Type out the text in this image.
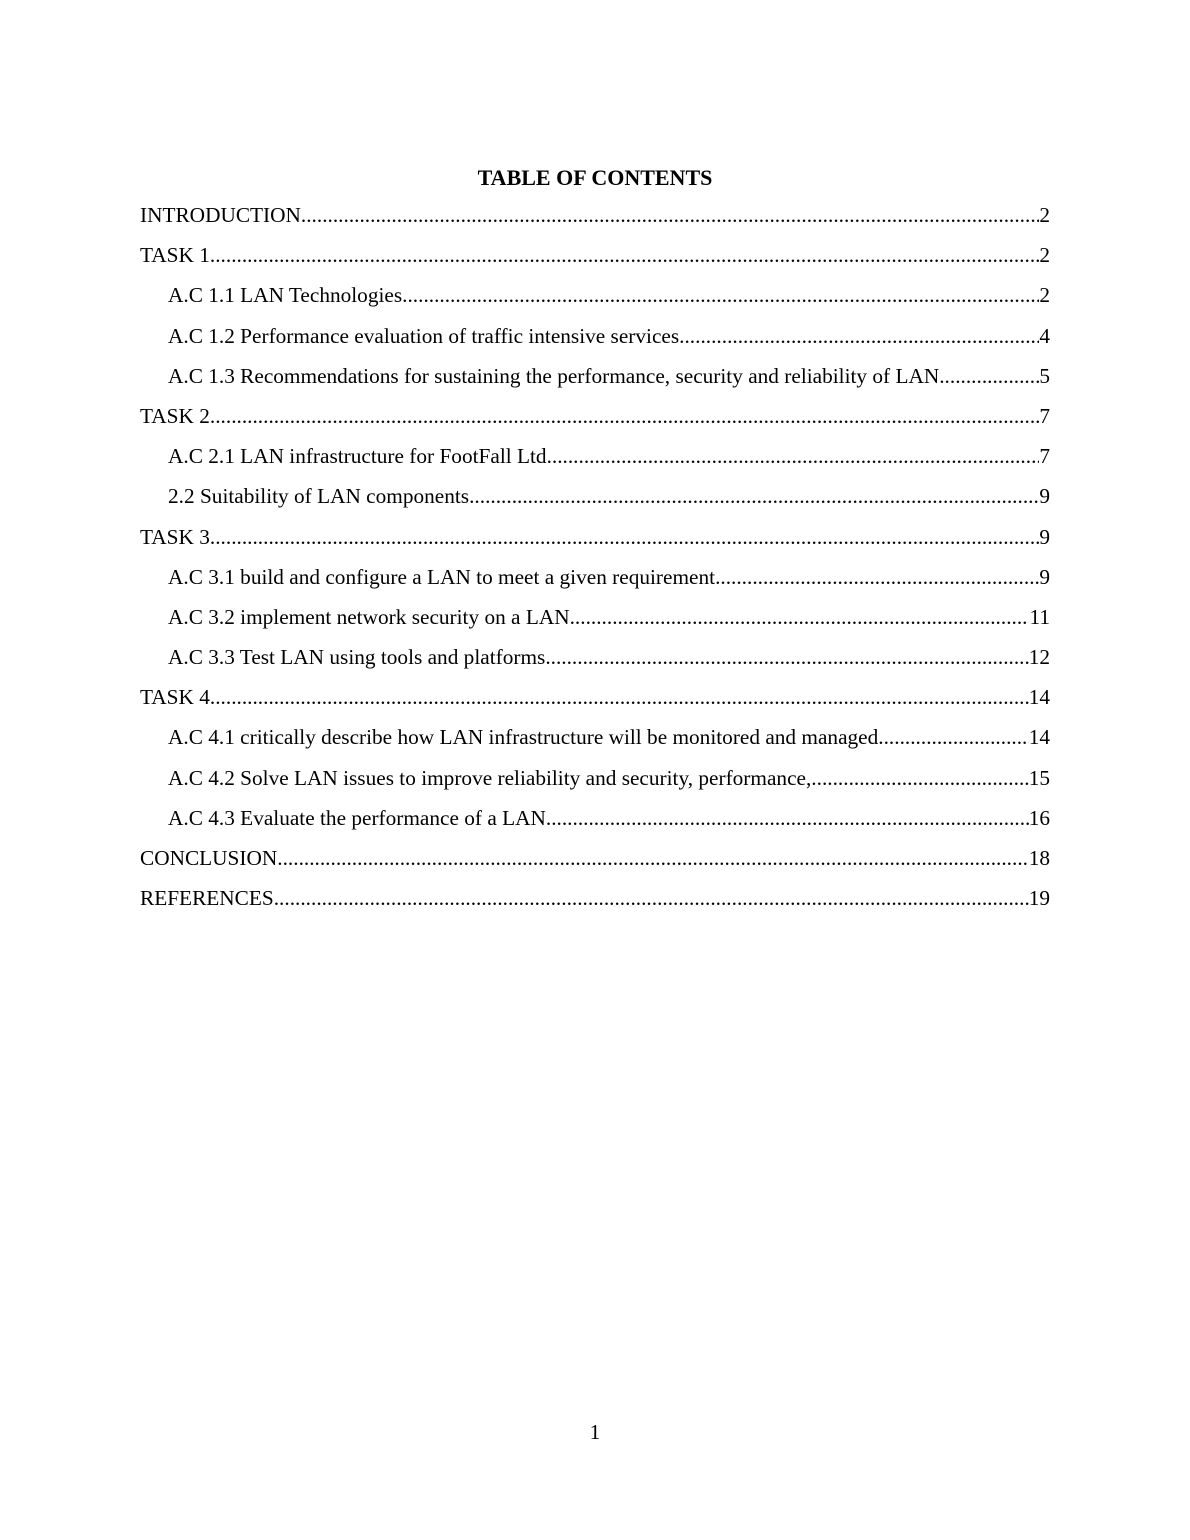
TABLE OF CONTENTS
INTRODUCTION .....	2
TASK 1 .....	2
A.C 1.1 LAN Technologies .....	2
A.C 1.2 Performance evaluation of traffic intensive services .....	4
A.C 1.3 Recommendations for sustaining the performance, security and reliability of LAN .....	5
TASK 2 .....	7
A.C 2.1 LAN infrastructure for FootFall Ltd .....	7
2.2 Suitability of LAN components .....	9
TASK 3 .....	9
A.C 3.1 build and configure a LAN to meet a given requirement .....	9
A.C 3.2 implement network security on a LAN .....	11
A.C 3.3 Test LAN using tools and platforms .....	12
TASK 4 .....	14
A.C 4.1 critically describe how LAN infrastructure will be monitored and managed .....	14
A.C 4.2 Solve LAN issues to improve reliability and security, performance, .....	15
A.C 4.3 Evaluate the performance of a LAN .....	16
CONCLUSION .....	18
REFERENCES .....	19
1
